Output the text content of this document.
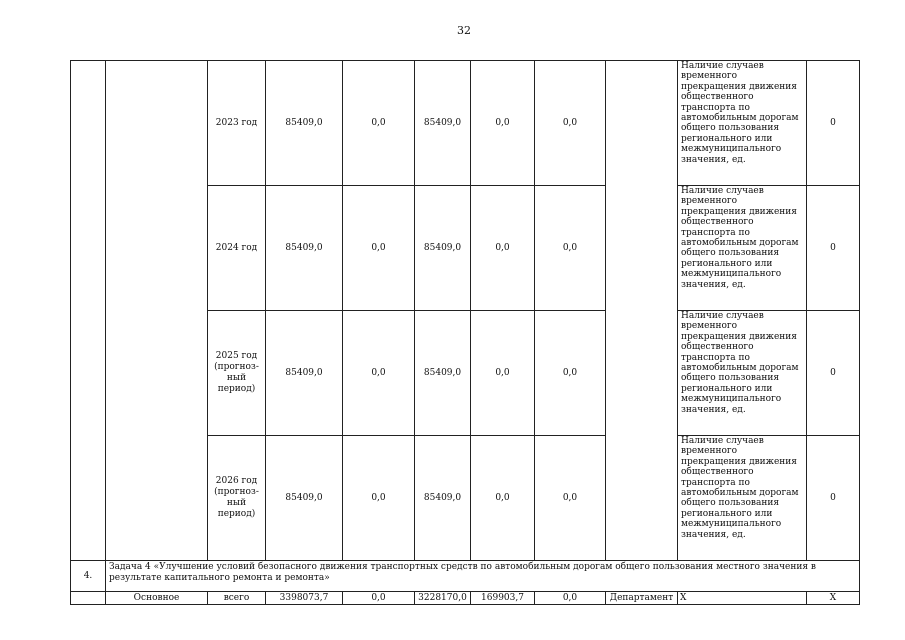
32
		2023 год	85409,0	0,0	85409,0	0,0	0,0		Наличие случаев временного прекращения движения общественного транспорта по автомобильным дорогам общего пользования регионального или межмуниципального значения, ед.	0
		2024 год	85409,0	0,0	85409,0	0,0	0,0		Наличие случаев временного прекращения движения общественного транспорта по автомобильным дорогам общего пользования регионального или межмуниципального значения, ед.	0
		2025 год (прогноз-ный период)	85409,0	0,0	85409,0	0,0	0,0		Наличие случаев временного прекращения движения общественного транспорта по автомобильным дорогам общего пользования регионального или межмуниципального значения, ед.	0
		2026 год (прогноз-ный период)	85409,0	0,0	85409,0	0,0	0,0		Наличие случаев временного прекращения движения общественного транспорта по автомобильным дорогам общего пользования регионального или межмуниципального значения, ед.	0
4.	Задача 4 «Улучшение условий безопасного движения транспортных средств по автомобильным дорогам общего пользования местного значения в результате капитального ремонта и ремонта»									
	Основное	всего	3398073,7	0,0	3228170,0	169903,7	0,0	Департамент	Х	Х
